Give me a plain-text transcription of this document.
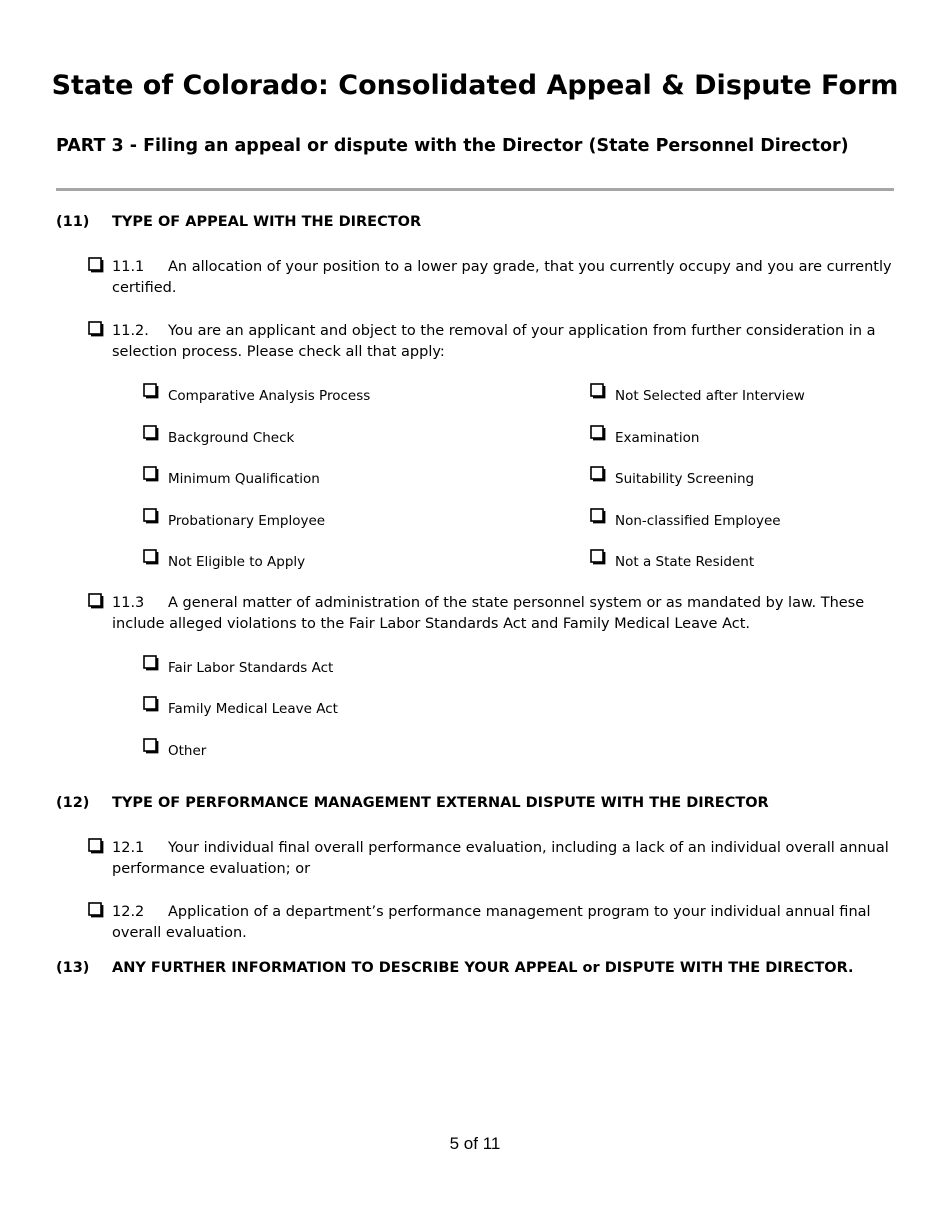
State of Colorado: Consolidated Appeal & Dispute Form
PART 3 - Filing an appeal or dispute with the Director (State Personnel Director)
(11) TYPE OF APPEAL WITH THE DIRECTOR
11.1 An allocation of your position to a lower pay grade, that you currently occupy and you are currently certified.
11.2. You are an applicant and object to the removal of your application from further consideration in a selection process. Please check all that apply:
Comparative Analysis Process
Background Check
Minimum Qualification
Probationary Employee
Not Eligible to Apply
Not Selected after Interview
Examination
Suitability Screening
Non-classified Employee
Not a State Resident
11.3 A general matter of administration of the state personnel system or as mandated by law. These include alleged violations to the Fair Labor Standards Act and Family Medical Leave Act.
Fair Labor Standards Act
Family Medical Leave Act
Other
(12) TYPE OF PERFORMANCE MANAGEMENT EXTERNAL DISPUTE WITH THE DIRECTOR
12.1 Your individual final overall performance evaluation, including a lack of an individual overall annual performance evaluation; or
12.2 Application of a department’s performance management program to your individual annual final overall evaluation.
(13) ANY FURTHER INFORMATION TO DESCRIBE YOUR APPEAL or DISPUTE WITH THE DIRECTOR.
5 of 11
